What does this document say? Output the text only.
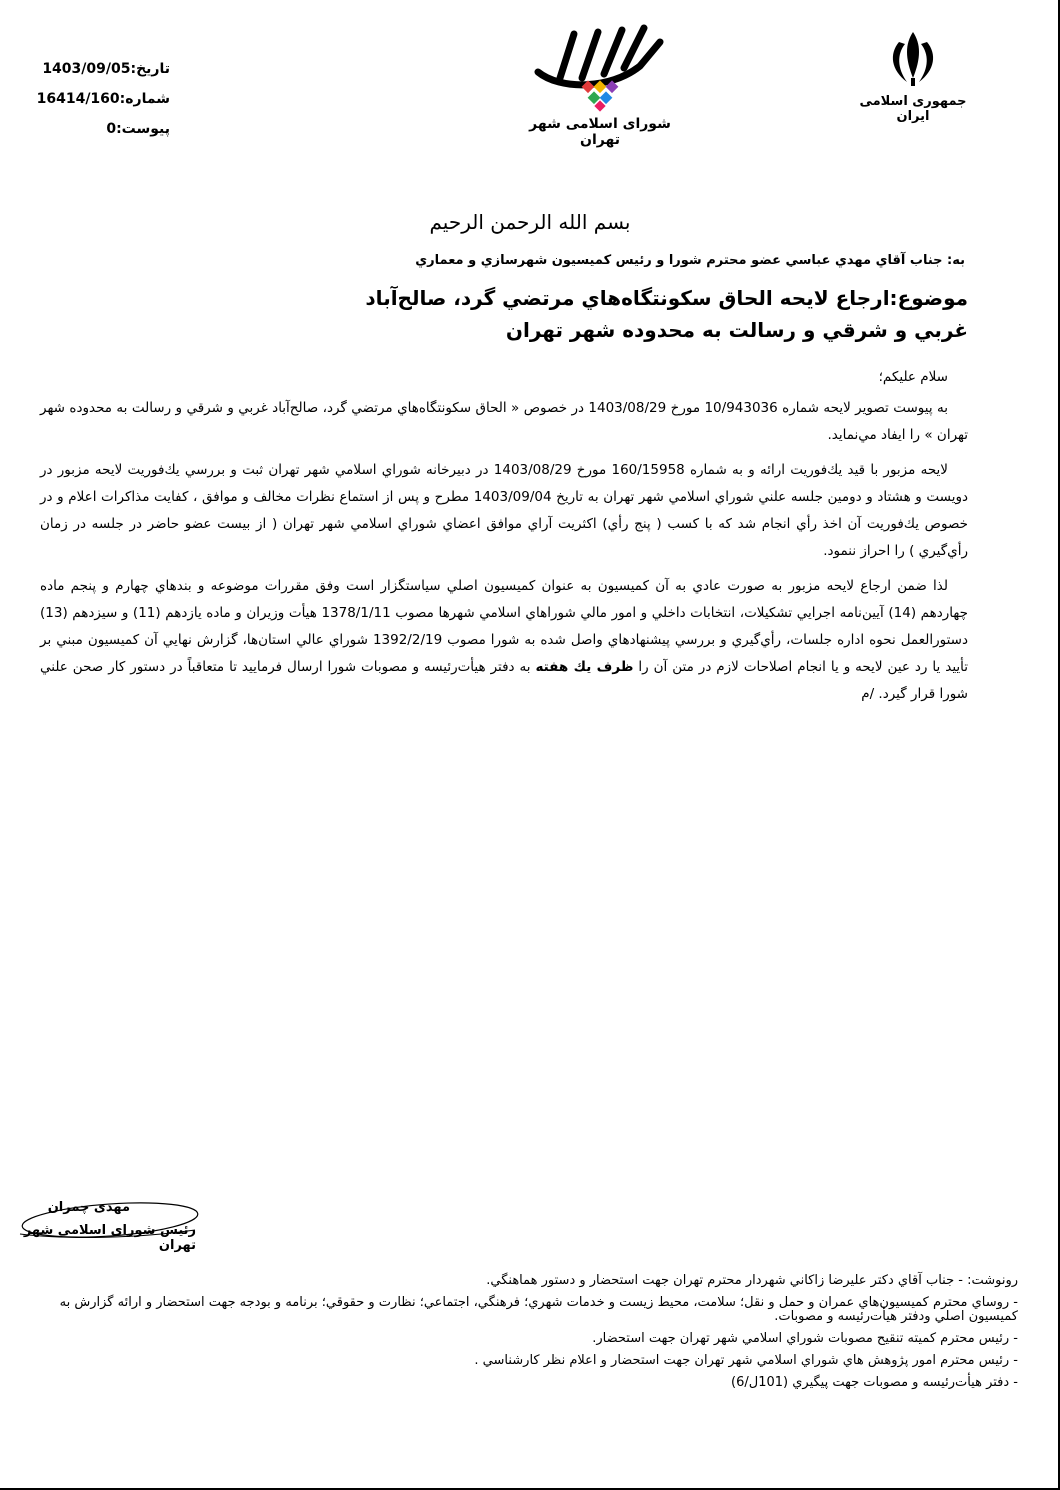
تاریخ:1403/09/05
شماره:16414/160
پیوست:0	شورای اسلامی شهر تهران
جمهوری اسلامی ایران
بسم الله الرحمن الرحيم
به: جناب آقاي مهدي عباسي عضو محترم شورا و رئيس كميسيون شهرسازي و معماري
موضوع:ارجاع لايحه الحاق سكونتگاه‌هاي مرتضي گرد، صالح‌آباد غربي و شرقي و رسالت به محدوده شهر تهران

سلام عليكم؛

به پيوست تصوير لايحه شماره 10/943036 مورخ 1403/08/29 در خصوص « الحاق سكونتگاه‌هاي مرتضي گرد، صالح‌آباد غربي و شرقي و رسالت به محدوده شهر تهران » را ايفاد مي‌نمايد.

لايحه مزبور با قيد يك‌فوريت ارائه و به شماره 160/15958 مورخ 1403/08/29 در دبيرخانه شوراي اسلامي شهر تهران ثبت و بررسي يك‌فوريت لايحه مزبور در دويست و هشتاد و دومين جلسه علني شوراي اسلامي شهر تهران به تاريخ 1403/09/04 مطرح و پس از استماع نظرات مخالف و موافق ، كفايت مذاكرات اعلام و در خصوص يك‌فوريت آن اخذ رأي انجام شد كه با كسب ( پنج رأي) اكثريت آراي موافق اعضاي شوراي اسلامي شهر تهران ( از بيست عضو حاضر در جلسه در زمان رأي‌گيري ) را احراز ننمود.

لذا ضمن ارجاع لايحه مزبور به صورت عادي به آن كميسيون به عنوان كميسيون اصلي سياستگزار است وفق مقررات موضوعه و بندهاي چهارم و پنجم ماده چهاردهم (14) آيين‌نامه اجرايي تشكيلات، انتخابات داخلي و امور مالي شوراهاي اسلامي شهرها مصوب 1378/1/11 هيأت وزيران و ماده يازدهم (11) و سيزدهم (13) دستورالعمل نحوه اداره جلسات، رأي‌گيري و بررسي پيشنهادهاي واصل شده به شورا مصوب 1392/2/19 شوراي عالي استان‌ها، گزارش نهايي آن كميسيون مبني بر تأييد يا رد عين لايحه و يا انجام اصلاحات لازم در متن آن را ظرف يك هفته به دفتر هيأت‌رئيسه و مصوبات شورا ارسال فرماييد تا متعاقباً در دستور كار صحن علني شورا قرار گيرد. /م

مهدی چمران
رئیس شورای اسلامی شهر تهران

رونوشت: - جناب آقاي دكتر عليرضا زاكاني شهردار محترم تهران جهت استحضار و دستور هماهنگي.

- روساي محترم كميسيون‌هاي عمران و حمل و نقل؛ سلامت، محيط زيست و خدمات شهري؛ فرهنگي، اجتماعي؛ نظارت و حقوقي؛ برنامه و بودجه جهت استحضار و ارائه گزارش به كميسيون اصلي ودفتر هيأت‌رئيسه و مصوبات.

- رئيس محترم كميته تنقيح مصوبات شوراي اسلامي شهر تهران جهت استحضار.

- رئيس محترم امور پژوهش هاي شوراي اسلامي شهر تهران جهت استحضار و اعلام نظر كارشناسي .

- دفتر هيأت‌رئيسه و مصوبات جهت پيگيري (101ل/6)
